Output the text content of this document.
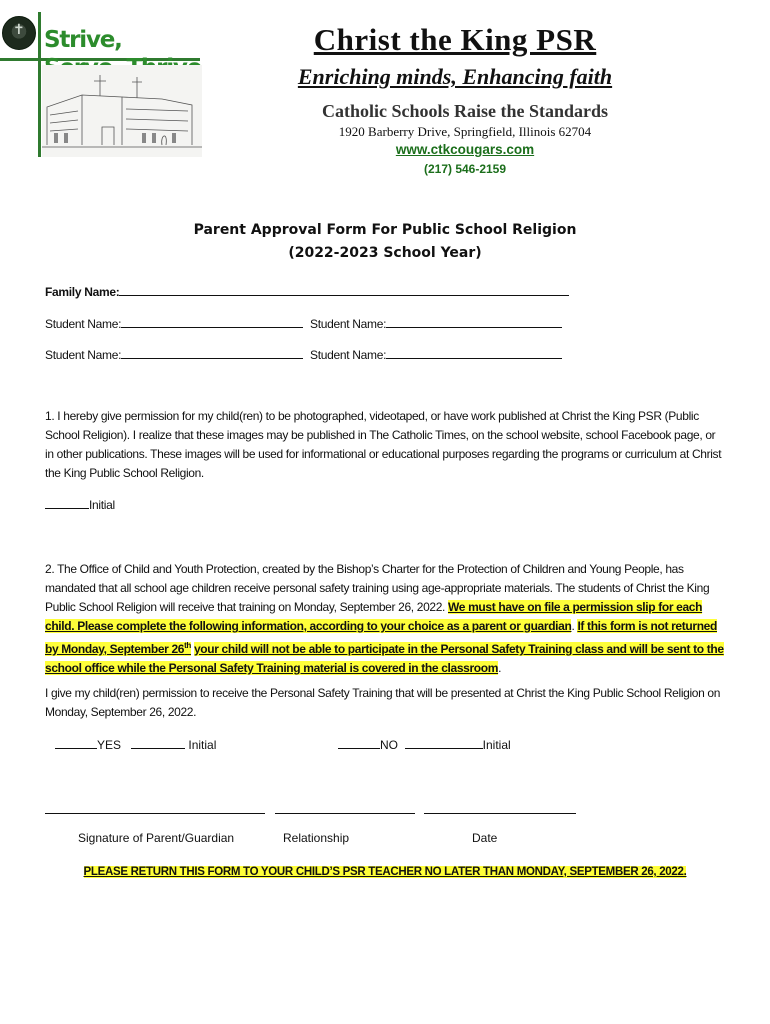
✝ Strive,	Christ the King PSR
Enriching minds, Enhancing faith
Catholic Schools Raise the Standards
1920 Barberry Drive, Springfield, Illinois 62704
www.ctkcougars.com
(217) 546-2159
Parent Approval Form For Public School Religion
(2022-2023 School Year)
Family Name:
Student Name:	Student Name:
Student Name:	Student Name:
1. I hereby give permission for my child(ren) to be photographed, videotaped, or have work published at Christ the King PSR (Public School Religion). I realize that these images may be published in The Catholic Times, on the school website, school Facebook page, or in other publications. These images will be used for informational or educational purposes regarding the programs or curriculum at Christ the King Public School Religion.
Initial
2. The Office of Child and Youth Protection, created by the Bishop’s Charter for the Protection of Children and Young People, has mandated that all school age children receive personal safety training using age-appropriate materials. The students of Christ the King Public School Religion will receive that training on Monday, September 26, 2022. We must have on file a permission slip for each child. Please complete the following information, according to your choice as a parent or guardian. If this form is not returned by Monday, September 26th your child will not be able to participate in the Personal Safety Training class and will be sent to the school office while the Personal Safety Training material is covered in the classroom.
I give my child(ren) permission to receive the Personal Safety Training that will be presented at Christ the King Public School Religion on Monday, September 26, 2022.
YES	Initial	NO	Initial
Signature of Parent/Guardian	Relationship	Date
PLEASE RETURN THIS FORM TO YOUR CHILD’S PSR TEACHER NO LATER THAN MONDAY, SEPTEMBER 26, 2022.
